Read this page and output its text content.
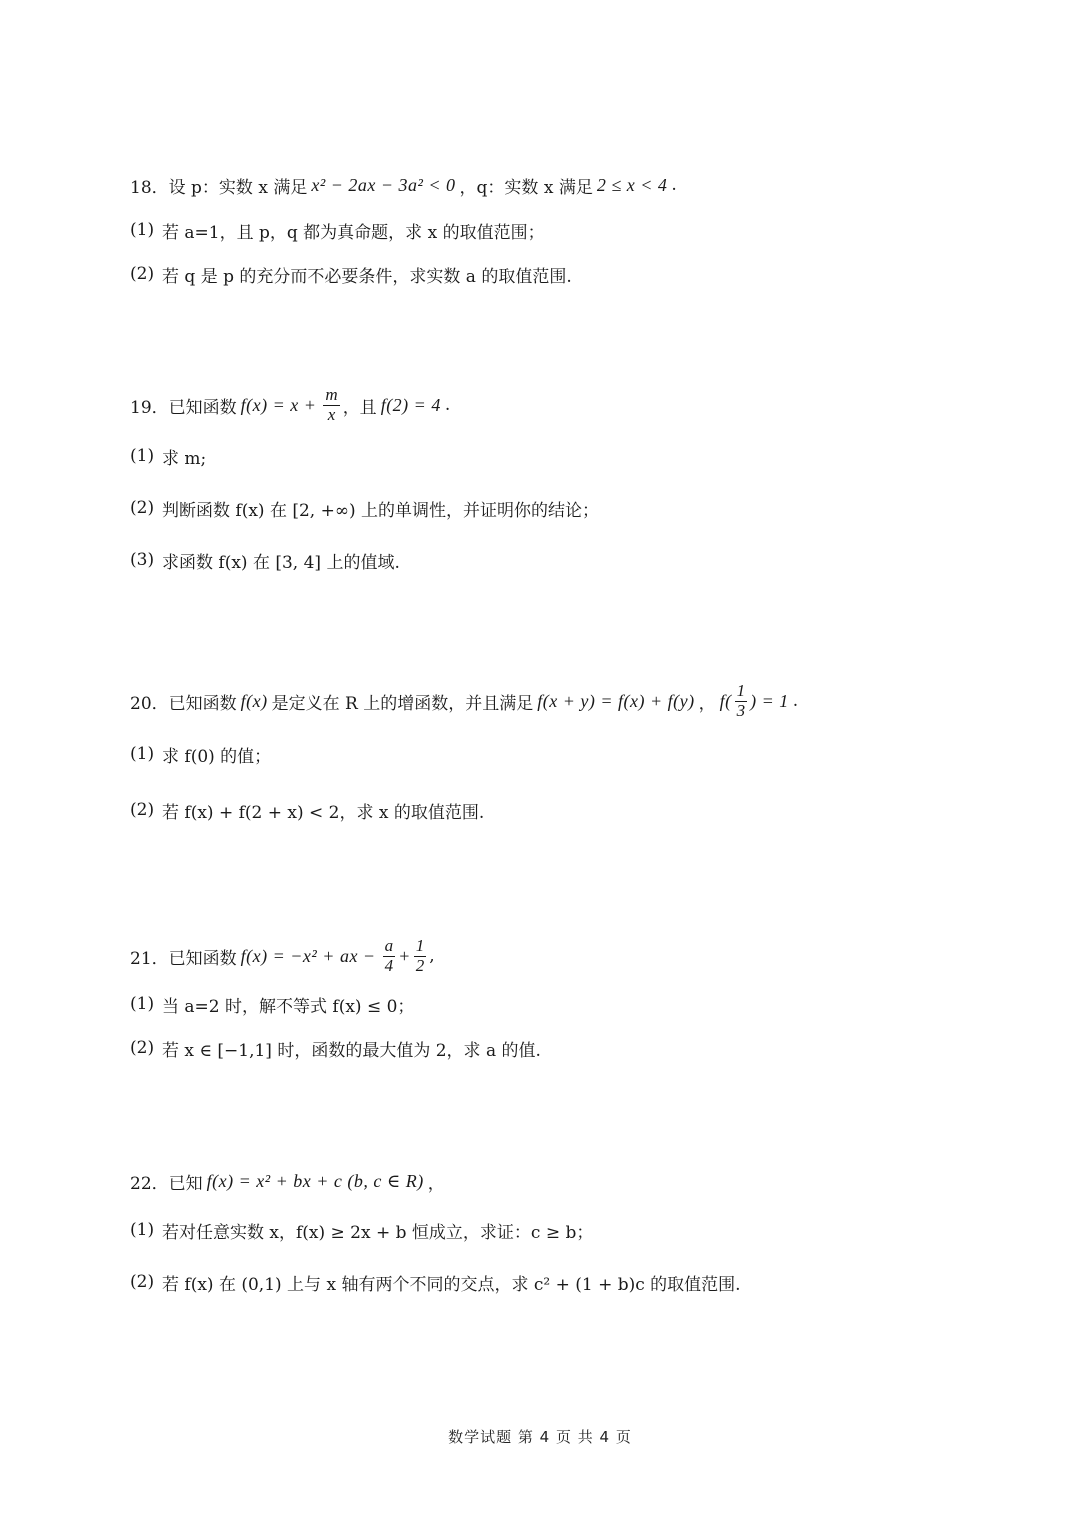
18． 设 p：实数 x 满足 x² − 2ax − 3a² < 0 ，q：实数 x 满足 2 ≤ x < 4 .
(1) 若 a=1，且 p，q 都为真命题，求 x 的取值范围；
(2) 若 q 是 p 的充分而不必要条件，求实数 a 的取值范围.
19． 已知函数 $f(x) = x + \frac{m}{x}$ ，且 f(2) = 4 .
(1) 求 m;
(2) 判断函数 f(x) 在 [2, +∞) 上的单调性，并证明你的结论；
(3) 求函数 f(x) 在 [3, 4] 上的值域.
20． 已知函数 f(x) 是定义在 R 上的增函数，并且满足 f(x + y) = f(x) + f(y) ， $f( \frac{1}{3}$ ) = 1 .
(1) 求 f(0) 的值；
(2) 若 f(x) + f(2 + x) < 2，求 x 的取值范围.
21． 已知函数 f(x) = −x² + ax − $\frac{a}{4} + \frac{1}{2}$ ,
(1) 当 a=2 时，解不等式 f(x) ≤ 0；
(2) 若 x ∈ [−1,1] 时，函数的最大值为 2，求 a 的值.
22． 已知 f(x) = x² + bx + c (b, c ∈ R) ，
(1) 若对任意实数 x，f(x) ≥ 2x + b 恒成立，求证：c ≥ b；
(2) 若 f(x) 在 (0,1) 上与 x 轴有两个不同的交点，求 c² + (1 + b)c 的取值范围.
数学试题 第 4 页 共 4 页
